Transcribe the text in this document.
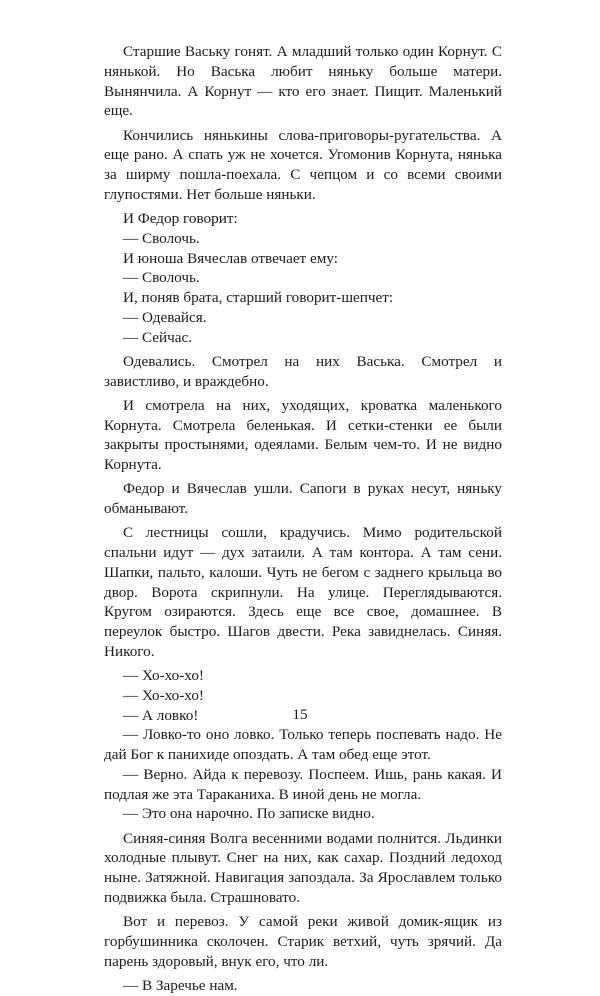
Старшие Ваську гонят. А младший только один Корнут. С нянькой. Но Васька любит няньку больше матери. Вынянчила. А Корнут — кто его знает. Пищит. Маленький еще.

Кончились нянькины слова-приговоры-ругательства. А еще рано. А спать уж не хочется. Угомонив Корнута, нянька за ширму пошла-поехала. С чепцом и со всеми своими глупостями. Нет больше няньки.

И Федор говорит:

— Сволочь.

И юноша Вячеслав отвечает ему:

— Сволочь.

И, поняв брата, старший говорит-шепчет:

— Одевайся.

— Сейчас.

Одевались. Смотрел на них Васька. Смотрел и завистливо, и враждебно.

И смотрела на них, уходящих, кроватка маленького Корнута. Смотрела беленькая. И сетки-стенки ее были закрыты простынями, одеялами. Белым чем-то. И не видно Корнута.

Федор и Вячеслав ушли. Сапоги в руках несут, няньку обманывают.

С лестницы сошли, крадучись. Мимо родительской спальни идут — дух затаили. А там контора. А там сени. Шапки, пальто, калоши. Чуть не бегом с заднего крыльца во двор. Ворота скрипнули. На улице. Переглядываются. Кругом озираются. Здесь еще все свое, домашнее. В переулок быстро. Шагов двести. Река завиднелась. Синяя. Никого.

— Хо-хо-хо!

— Хо-хо-хо!

— А ловко!

— Ловко-то оно ловко. Только теперь поспевать надо. Не дай Бог к панихиде опоздать. А там обед еще этот.

— Верно. Айда к перевозу. Поспеем. Ишь, рань какая. И подлая же эта Тараканиха. В иной день не могла.

— Это она нарочно. По записке видно.

Синяя-синяя Волга весенними водами полнится. Льдинки холодные плывут. Снег на них, как сахар. Поздний ледоход ныне. Затяжной. Навигация запоздала. За Ярославлем только подвижка была. Страшновато.

Вот и перевоз. У самой реки живой домик-ящик из горбушинника сколочен. Старик ветхий, чуть зрячий. Да парень здоровый, внук его, что ли.

— В Заречье нам.

15
